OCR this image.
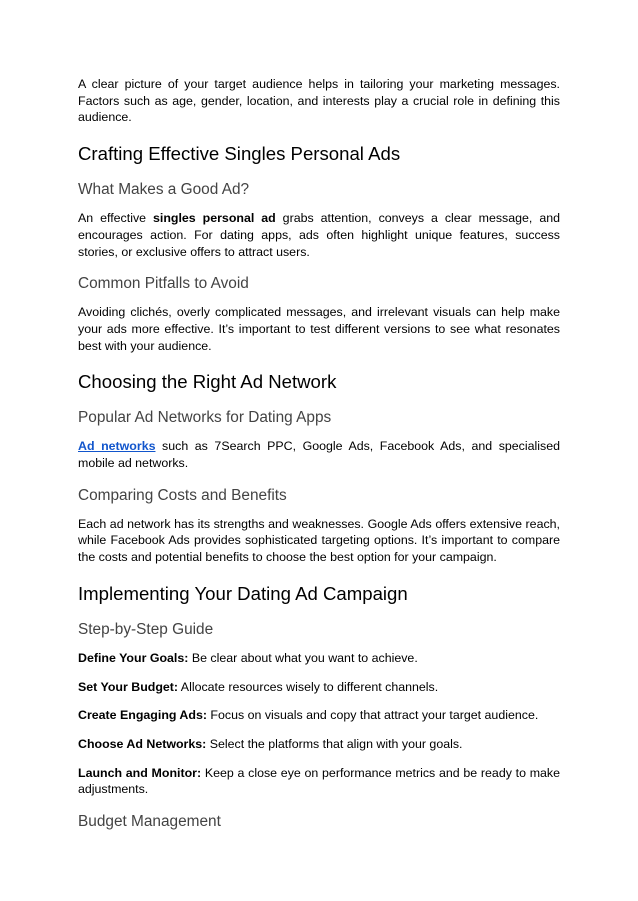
A clear picture of your target audience helps in tailoring your marketing messages. Factors such as age, gender, location, and interests play a crucial role in defining this audience.

Crafting Effective Singles Personal Ads
What Makes a Good Ad?

An effective singles personal ad grabs attention, conveys a clear message, and encourages action. For dating apps, ads often highlight unique features, success stories, or exclusive offers to attract users.

Common Pitfalls to Avoid

Avoiding clichés, overly complicated messages, and irrelevant visuals can help make your ads more effective. It’s important to test different versions to see what resonates best with your audience.

Choosing the Right Ad Network
Popular Ad Networks for Dating Apps

Ad networks such as 7Search PPC, Google Ads, Facebook Ads, and specialised mobile ad networks.

Comparing Costs and Benefits

Each ad network has its strengths and weaknesses. Google Ads offers extensive reach, while Facebook Ads provides sophisticated targeting options. It’s important to compare the costs and potential benefits to choose the best option for your campaign.

Implementing Your Dating Ad Campaign
Step-by-Step Guide

Define Your Goals: Be clear about what you want to achieve.

Set Your Budget: Allocate resources wisely to different channels.

Create Engaging Ads: Focus on visuals and copy that attract your target audience.

Choose Ad Networks: Select the platforms that align with your goals.

Launch and Monitor: Keep a close eye on performance metrics and be ready to make adjustments.

Budget Management
